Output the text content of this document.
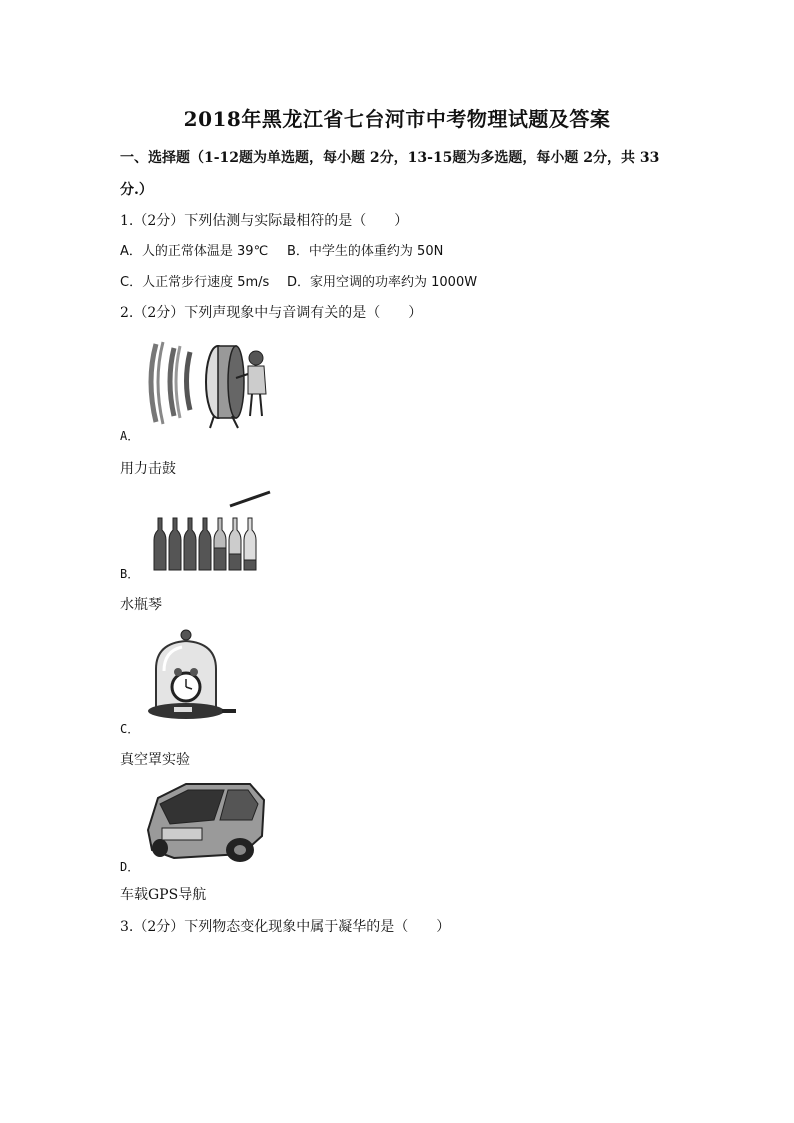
2018年黑龙江省七台河市中考物理试题及答案
一、选择题（1-12题为单选题，每小题 2分，13-15题为多选题，每小题 2分，共 33
分.）
1.（2分）下列估测与实际最相符的是（　　）
A．人的正常体温是 39℃ B．中学生的体重约为 50N
C．人正常步行速度 5m/s D．家用空调的功率约为 1000W
2.（2分）下列声现象中与音调有关的是（　　）
A．
用力击鼓
B．
水瓶琴
C．
真空罩实验
D．
车载GPS导航
3.（2分）下列物态变化现象中属于凝华的是（　　）
